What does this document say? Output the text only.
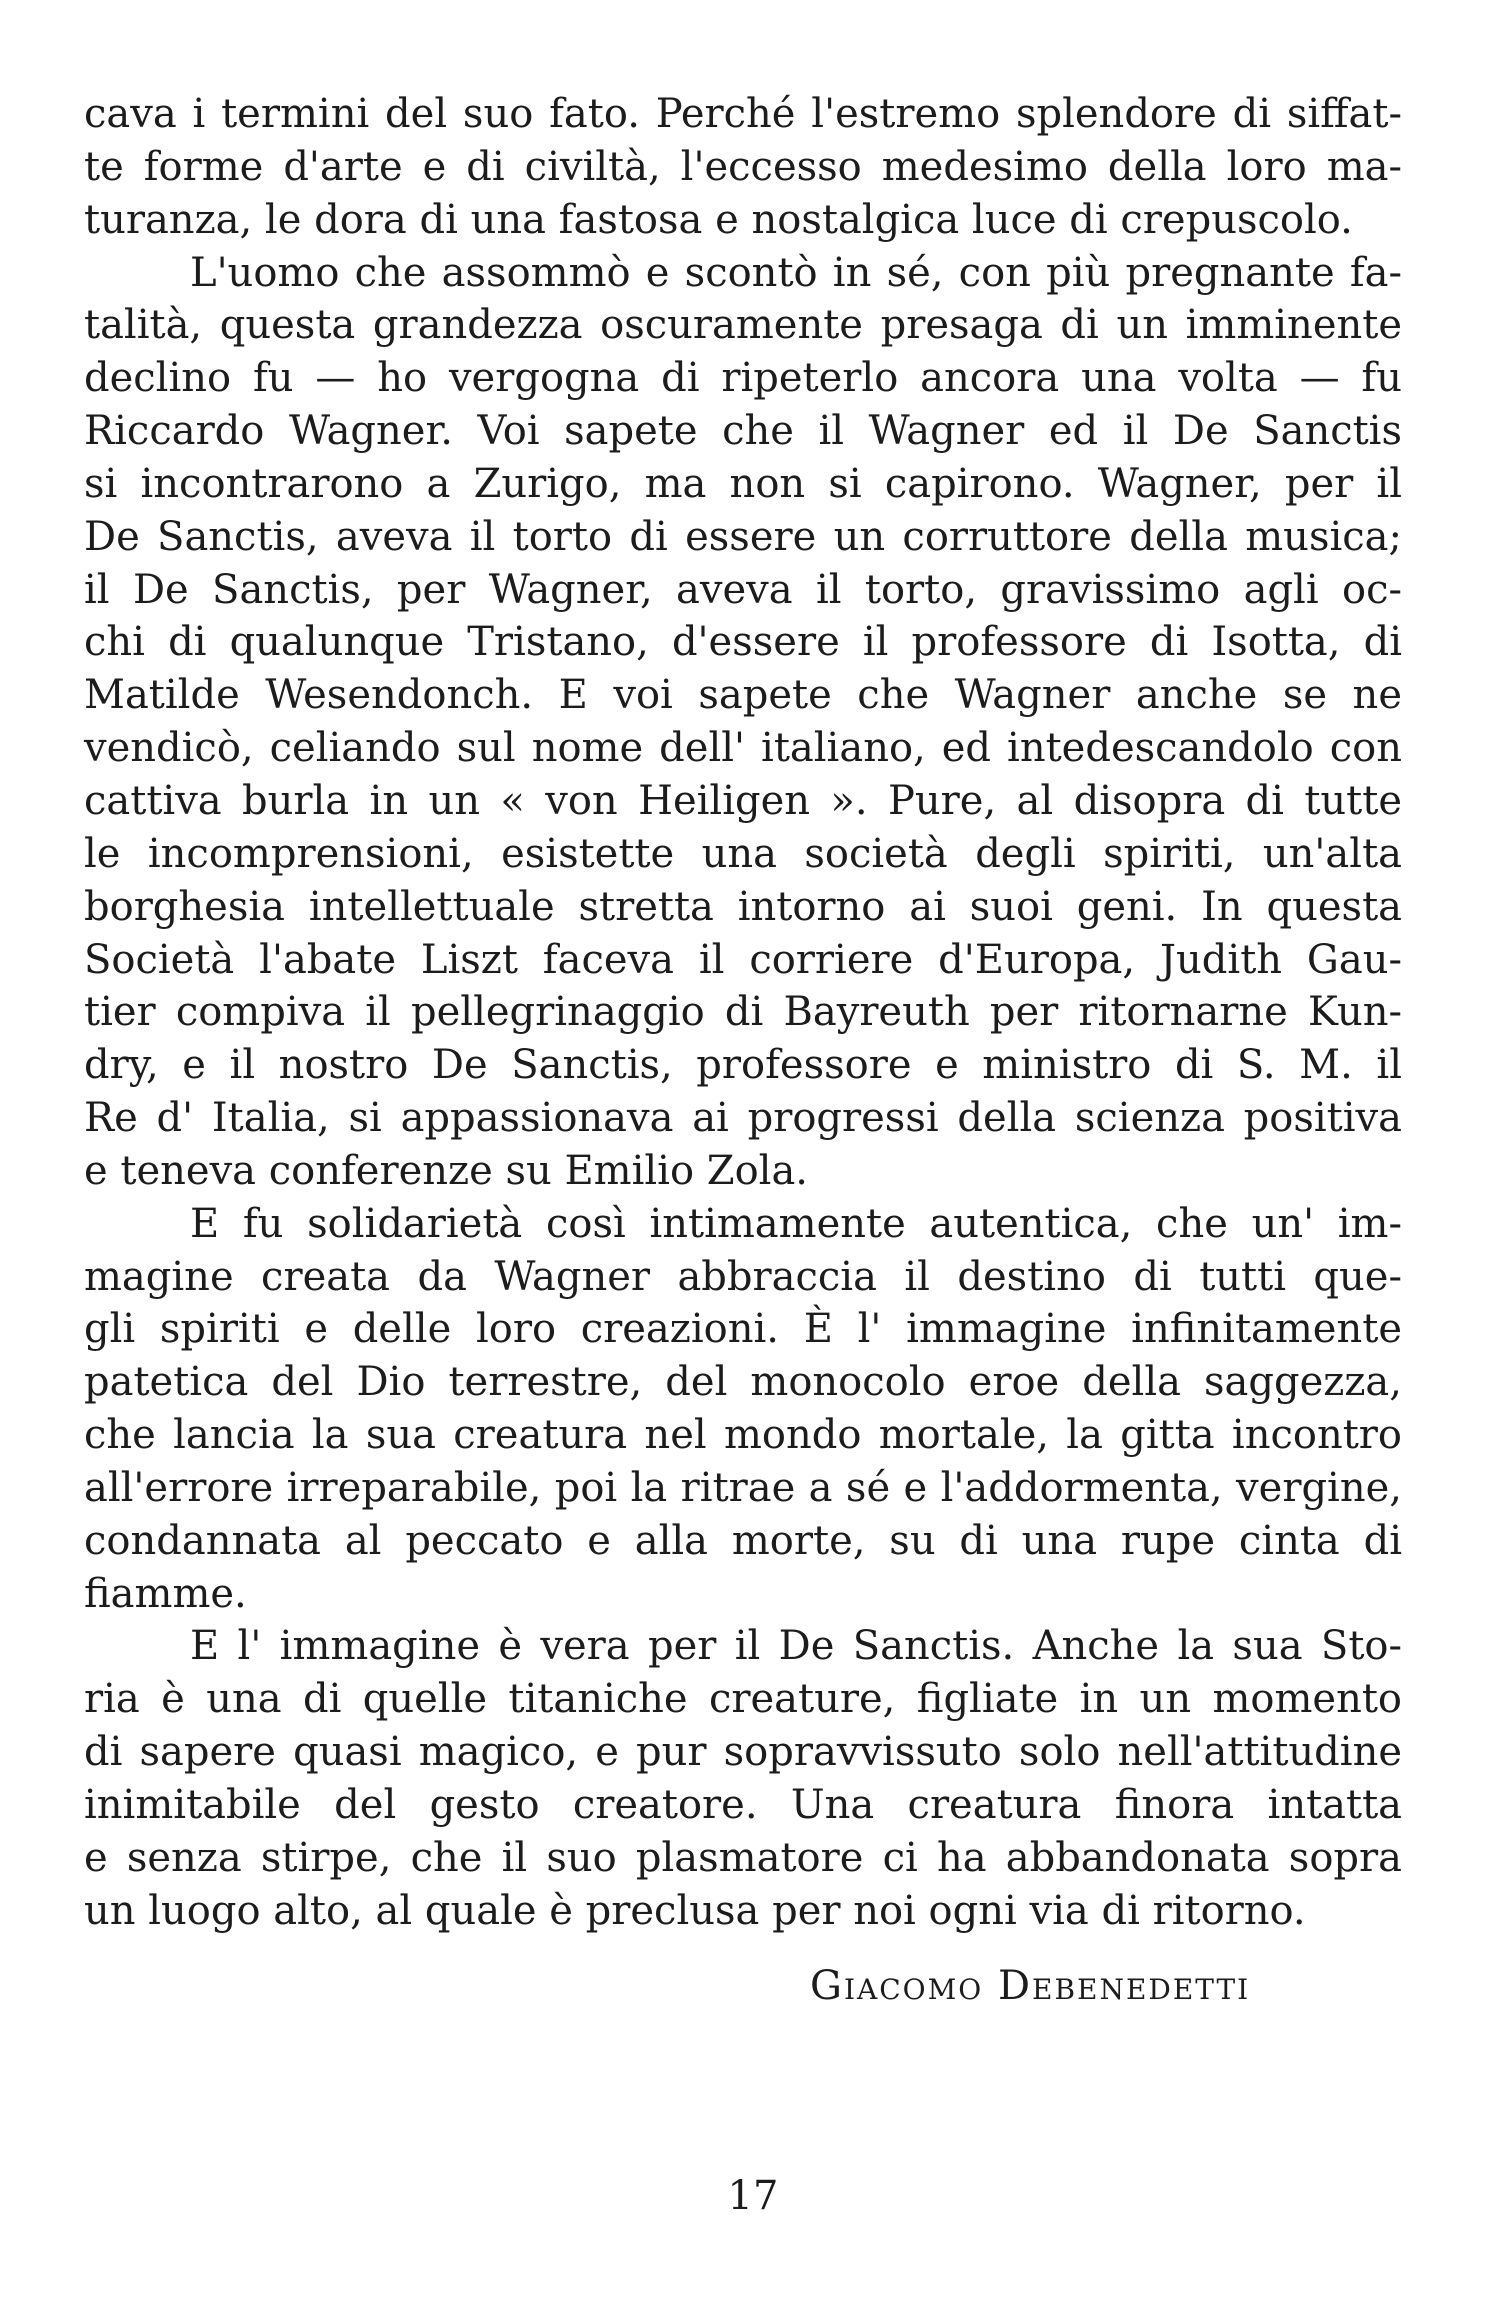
cava i termini del suo fato. Perché l'estremo splendore di siffat-
te forme d'arte e di civiltà, l'eccesso medesimo della loro ma-
turanza, le dora di una fastosa e nostalgica luce di crepuscolo.
L'uomo che assommò e scontò in sé, con più pregnante fa-
talità, questa grandezza oscuramente presaga di un imminente
declino fu — ho vergogna di ripeterlo ancora una volta — fu
Riccardo Wagner. Voi sapete che il Wagner ed il De Sanctis
si incontrarono a Zurigo, ma non si capirono. Wagner, per il
De Sanctis, aveva il torto di essere un corruttore della musica;
il De Sanctis, per Wagner, aveva il torto, gravissimo agli oc-
chi di qualunque Tristano, d'essere il professore di Isotta, di
Matilde Wesendonch. E voi sapete che Wagner anche se ne
vendicò, celiando sul nome dell' italiano, ed intedescandolo con
cattiva burla in un « von Heiligen ». Pure, al disopra di tutte
le incomprensioni, esistette una società degli spiriti, un'alta
borghesia intellettuale stretta intorno ai suoi geni. In questa
Società l'abate Liszt faceva il corriere d'Europa, Judith Gau-
tier compiva il pellegrinaggio di Bayreuth per ritornarne Kun-
dry, e il nostro De Sanctis, professore e ministro di S. M. il
Re d' Italia, si appassionava ai progressi della scienza positiva
e teneva conferenze su Emilio Zola.
E fu solidarietà così intimamente autentica, che un' im-
magine creata da Wagner abbraccia il destino di tutti que-
gli spiriti e delle loro creazioni. È l' immagine infinitamente
patetica del Dio terrestre, del monocolo eroe della saggezza,
che lancia la sua creatura nel mondo mortale, la gitta incontro
all'errore irreparabile, poi la ritrae a sé e l'addormenta, vergine,
condannata al peccato e alla morte, su di una rupe cinta di
fiamme.
E l' immagine è vera per il De Sanctis. Anche la sua Sto-
ria è una di quelle titaniche creature, figliate in un momento
di sapere quasi magico, e pur sopravvissuto solo nell'attitudine
inimitabile del gesto creatore. Una creatura finora intatta
e senza stirpe, che il suo plasmatore ci ha abbandonata sopra
un luogo alto, al quale è preclusa per noi ogni via di ritorno.
Giacomo Debenedetti
17
